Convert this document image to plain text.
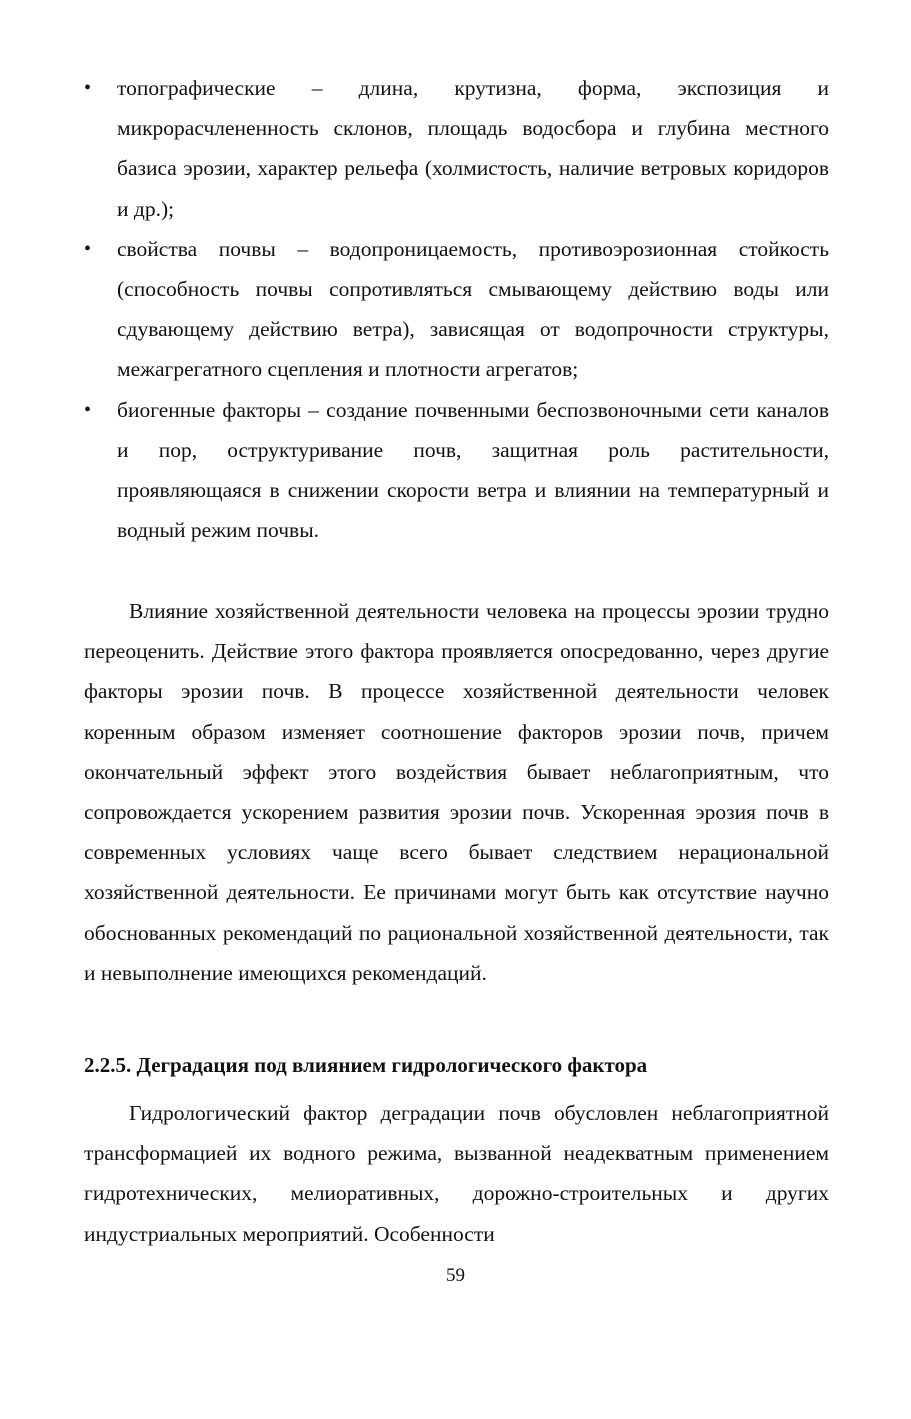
• топографические – длина, крутизна, форма, экспозиция и микрорасчлененность склонов, площадь водосбора и глубина местного базиса эрозии, характер рельефа (холмистость, наличие ветровых коридоров и др.);
• свойства почвы – водопроницаемость, противоэрозионная стойкость (способность почвы сопротивляться смывающему действию воды или сдувающему действию ветра), зависящая от водопрочности структуры, межагрегатного сцепления и плотности агрегатов;
• биогенные факторы – создание почвенными беспозвоночными сети каналов и пор, оструктуривание почв, защитная роль растительности, проявляющаяся в снижении скорости ветра и влиянии на температурный и водный режим почвы.

Влияние хозяйственной деятельности человека на процессы эрозии трудно переоценить. Действие этого фактора проявляется опосредованно, через другие факторы эрозии почв. В процессе хозяйственной деятельности человек коренным образом изменяет соотношение факторов эрозии почв, причем окончательный эффект этого воздействия бывает неблагоприятным, что сопровождается ускорением развития эрозии почв. Ускоренная эрозия почв в современных условиях чаще всего бывает следствием нерациональной хозяйственной деятельности. Ее причинами могут быть как отсутствие научно обоснованных рекомендаций по рациональной хозяйственной деятельности, так и невыполнение имеющихся рекомендаций.

2.2.5. Деградация под влиянием гидрологического фактора

Гидрологический фактор деградации почв обусловлен неблагоприятной трансформацией их водного режима, вызванной неадекватным применением гидротехнических, мелиоративных, дорожно-строительных и других индустриальных мероприятий. Особенности

59
